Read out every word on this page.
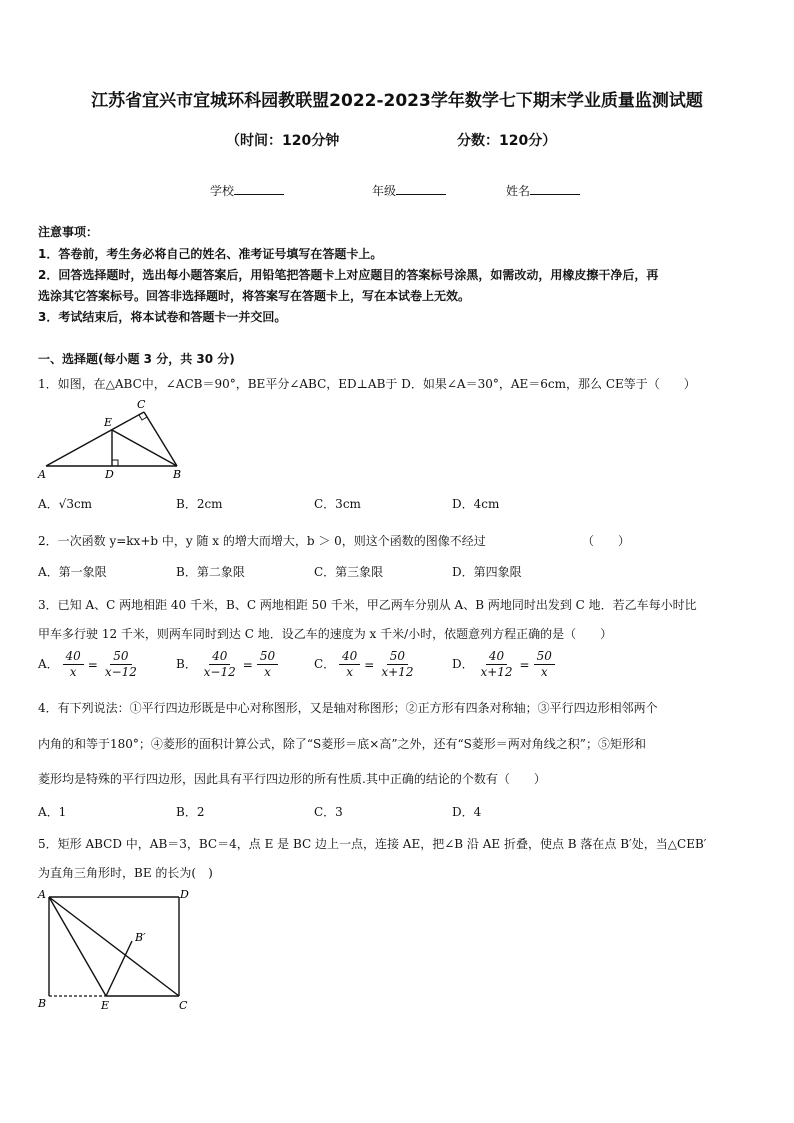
江苏省宜兴市宜城环科园教联盟2022-2023学年数学七下期末学业质量监测试题
（时间：120分钟	分数：120分）
学校	年级	姓名
注意事项：
1．答卷前，考生务必将自己的姓名、准考证号填写在答题卡上。
2．回答选择题时，选出每小题答案后，用铅笔把答题卡上对应题目的答案标号涂黑，如需改动，用橡皮擦干净后，再
选涂其它答案标号。回答非选择题时，将答案写在答题卡上，写在本试卷上无效。
3．考试结束后，将本试卷和答题卡一并交回。
一、选择题(每小题 3 分，共 30 分)
1．如图，在△ABC中，∠ACB＝90°，BE平分∠ABC，ED⊥AB于 D．如果∠A＝30°，AE＝6cm，那么 CE等于（　　）
A	D	B
E
C
A．√3cm	B．2cm	C．3cm	D．4cm
2．一次函数 y=kx+b 中，y 随 x 的增大而增大，b ＞ 0，则这个函数的图像不经过	（　　）
A．第一象限	B．第二象限	C．第三象限	D．第四象限
3．已知 A、C 两地相距 40 千米，B、C 两地相距 50 千米，甲乙两车分别从 A、B 两地同时出发到 C 地．若乙车每小时比
甲车多行驶 12 千米，则两车同时到达 C 地．设乙车的速度为 x 千米/小时，依题意列方程正确的是（　　）
A． $\frac{40}{x} = \frac{50}{x-12}$	B． $\frac{40}{x-12} = \frac{50}{x}$	C． $\frac{40}{x} = \frac{50}{x+12}$	D． $\frac{40}{x+12} = \frac{50}{x}$
4．有下列说法：①平行四边形既是中心对称图形，又是轴对称图形；②正方形有四条对称轴；③平行四边形相邻两个
内角的和等于180°；④菱形的面积计算公式，除了“S菱形＝底×高”之外，还有“S菱形＝两对角线之积”；⑤矩形和
菱形均是特殊的平行四边形，因此具有平行四边形的所有性质.其中正确的结论的个数有（　　）
A．1	B．2	C．3	D．4
5．矩形 ABCD 中，AB＝3，BC＝4，点 E 是 BC 边上一点，连接 AE，把∠B 沿 AE 折叠，使点 B 落在点 B′处，当△CEB′
为直角三角形时，BE 的长为(　)
A	D
B	E	C
B′
